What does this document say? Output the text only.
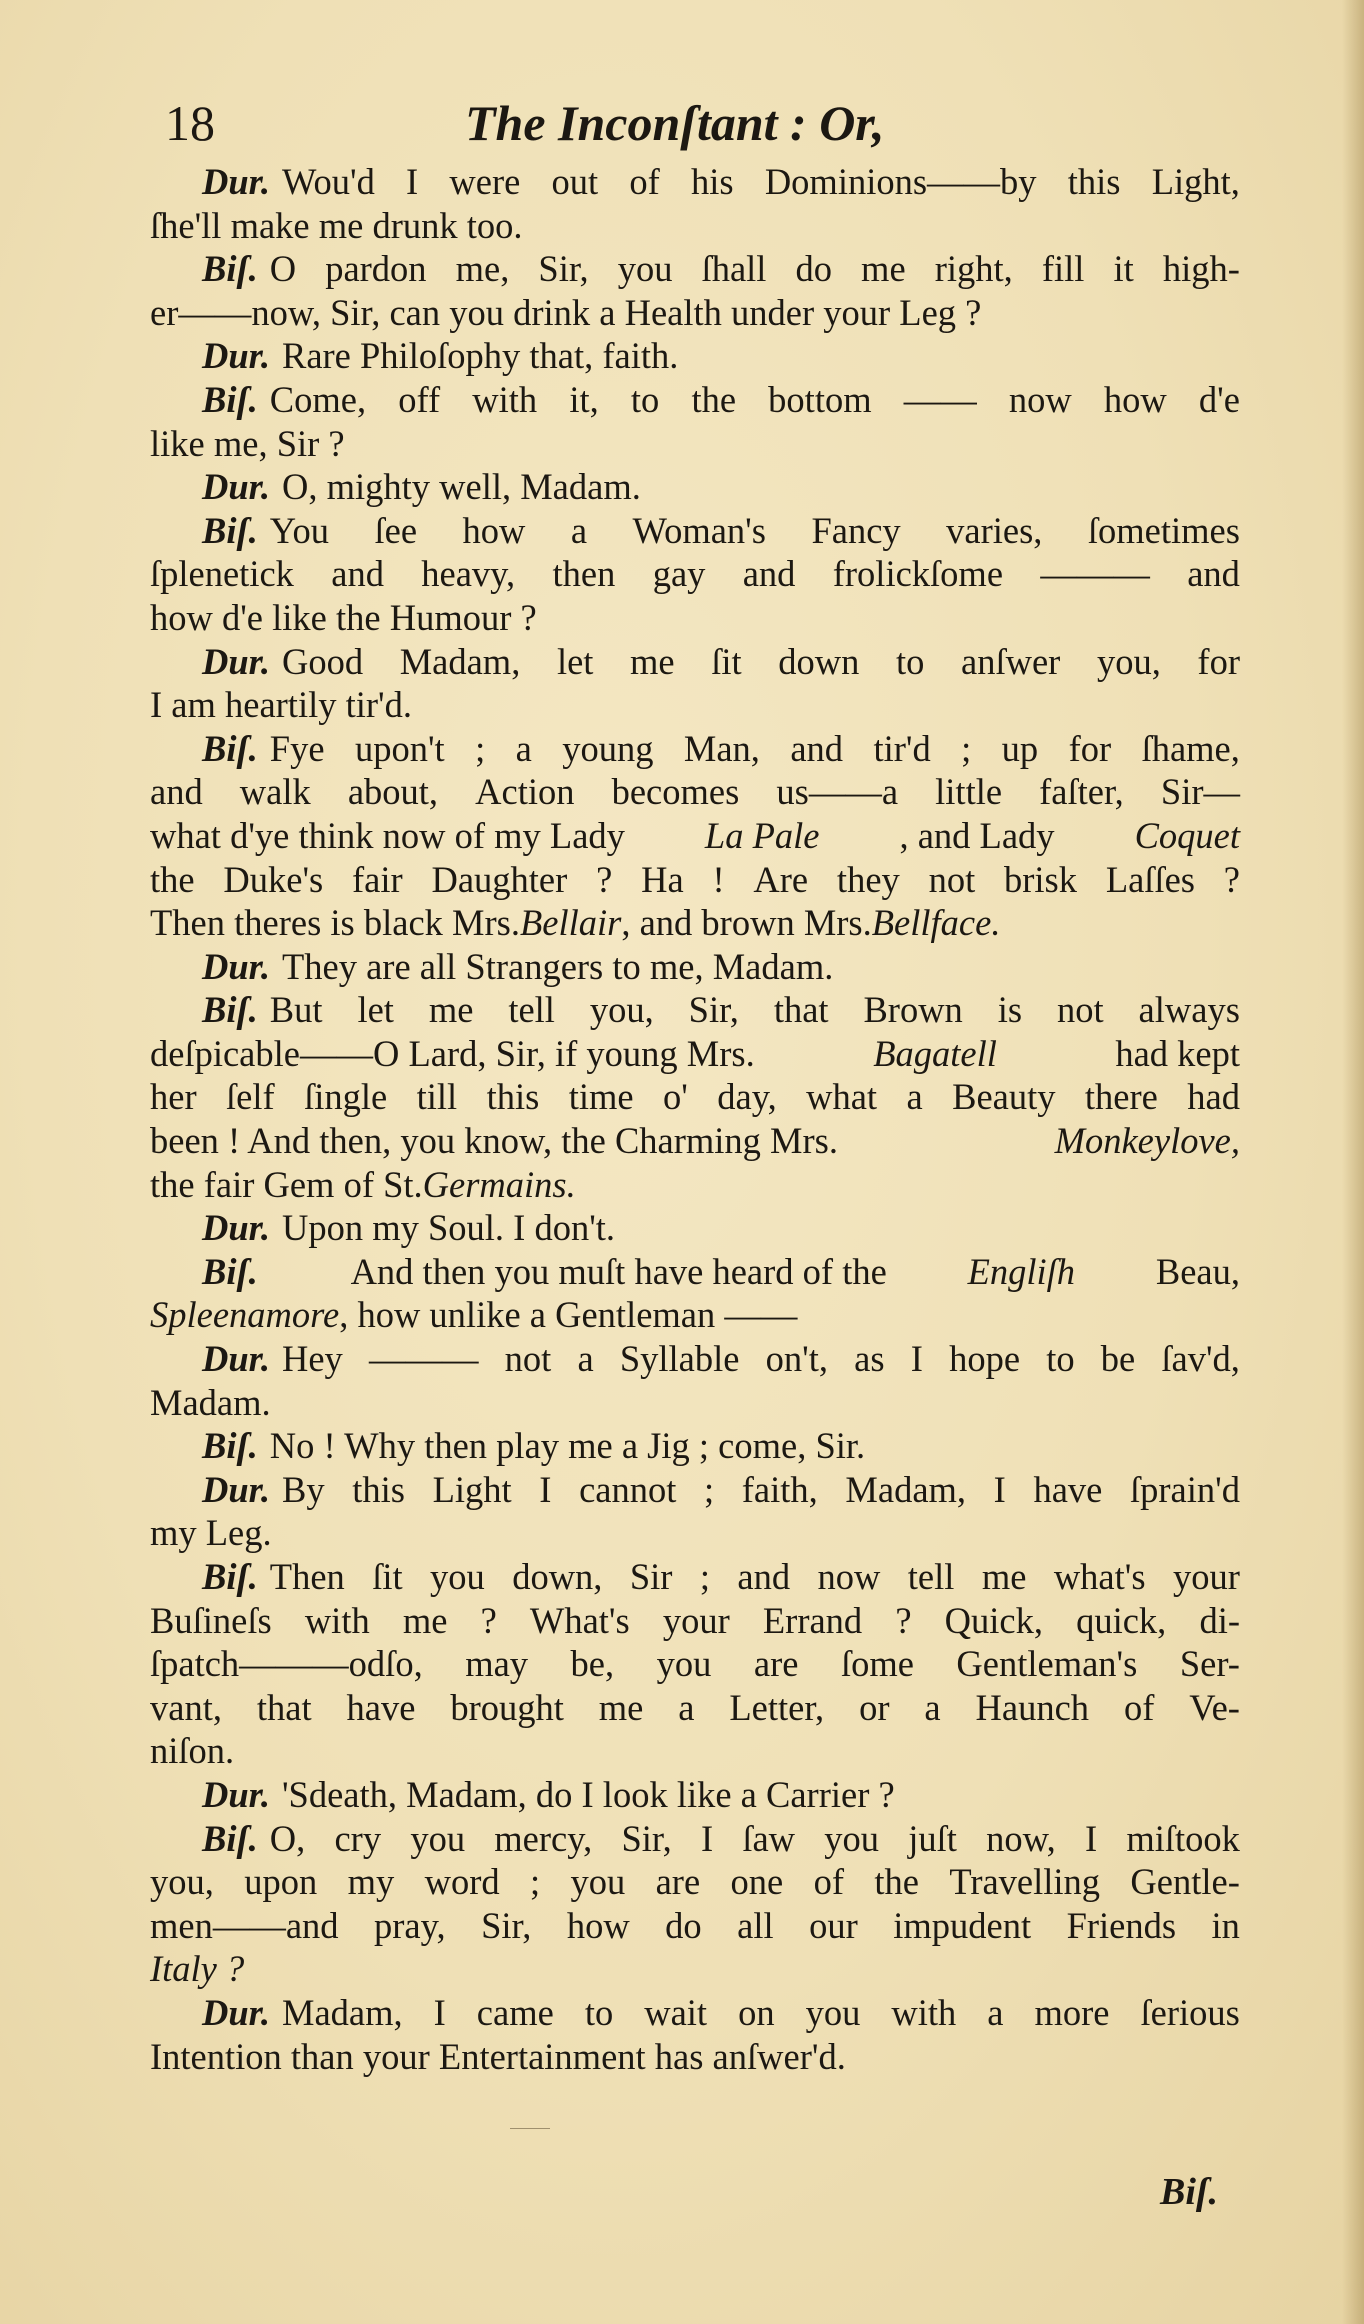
18	The Inconſtant : Or,
Dur. Wou'd I were out of his Dominions——by this Light,
ſhe'll make me drunk too.
Biſ. O pardon me, Sir, you ſhall do me right, fill it high-
er——now, Sir, can you drink a Health under your Leg ?
Dur. Rare Philoſophy that, faith.
Biſ. Come, off with it, to the bottom —— now how d'e
like me, Sir ?
Dur. O, mighty well, Madam.
Biſ. You ſee how a Woman's Fancy varies, ſometimes
ſplenetick and heavy, then gay and frolickſome ——— and
how d'e like the Humour ?
Dur. Good Madam, let me ſit down to anſwer you, for
I am heartily tir'd.
Biſ. Fye upon't ; a young Man, and tir'd ; up for ſhame,
and walk about, Action becomes us——a little faſter, Sir—
what d'ye think now of my Lady La Pale , and Lady Coquet
the Duke's fair Daughter ? Ha ! Are they not brisk Laſſes ?
Then theres is black Mrs. Bellair , and brown Mrs. Bellface.
Dur. They are all Strangers to me, Madam.
Biſ. But let me tell you, Sir, that Brown is not always
deſpicable——O Lard, Sir, if young Mrs.	Bagatell	had kept
her ſelf ſingle till this time o' day, what a Beauty there had
been ! And then, you know, the Charming Mrs.	Monkeylove,
the fair Gem of St. Germains.
Dur. Upon my Soul. I don't.
Biſ.	And then you muſt have heard of the Engliſh Beau,
Spleenamore , how unlike a Gentleman ——
Dur. Hey ——— not a Syllable on't, as I hope to be ſav'd,
Madam.
Biſ. No ! Why then play me a Jig ; come, Sir.
Dur. By this Light I cannot ; faith, Madam, I have ſprain'd
my Leg.
Biſ. Then ſit you down, Sir ; and now tell me what's your
Buſineſs with me ? What's your Errand ? Quick, quick, di-
ſpatch———odſo, may be, you are ſome Gentleman's Ser-
vant, that have brought me a Letter, or a Haunch of Ve-
niſon.
Dur. 'Sdeath, Madam, do I look like a Carrier ?
Biſ. O, cry you mercy, Sir, I ſaw you juſt now, I miſtook
you, upon my word ; you are one of the Travelling Gentle-
men——and pray, Sir, how do all our impudent Friends in
Italy ?
Dur. Madam, I came to wait on you with a more ſerious
Intention than your Entertainment has anſwer'd.
Biſ.
